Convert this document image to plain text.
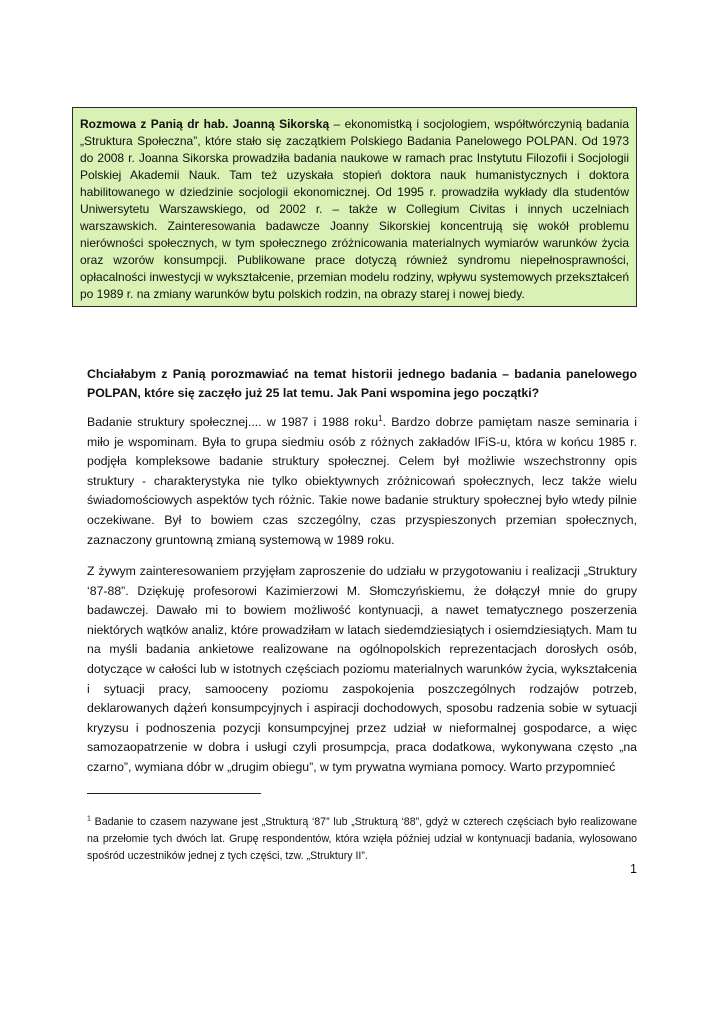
Rozmowa z Panią dr hab. Joanną Sikorską – ekonomistką i socjologiem, współtwórczynią badania „Struktura Społeczna”, które stało się zaczątkiem Polskiego Badania Panelowego POLPAN. Od 1973 do 2008 r. Joanna Sikorska prowadziła badania naukowe w ramach prac Instytutu Filozofii i Socjologii Polskiej Akademii Nauk. Tam też uzyskała stopień doktora nauk humanistycznych i doktora habilitowanego w dziedzinie socjologii ekonomicznej. Od 1995 r. prowadziła wykłady dla studentów Uniwersytetu Warszawskiego, od 2002 r. – także w Collegium Civitas i innych uczelniach warszawskich. Zainteresowania badawcze Joanny Sikorskiej koncentrują się wokół problemu nierówności społecznych, w tym społecznego zróżnicowania materialnych wymiarów warunków życia oraz wzorów konsumpcji. Publikowane prace dotyczą również syndromu niepełnosprawności, opłacalności inwestycji w wykształcenie, przemian modelu rodziny, wpływu systemowych przekształceń po 1989 r. na zmiany warunków bytu polskich rodzin, na obrazy starej i nowej biedy.
Chciałabym z Panią porozmawiać na temat historii jednego badania – badania panelowego POLPAN, które się zaczęło już 25 lat temu. Jak Pani wspomina jego początki?
Badanie struktury społecznej.... w 1987 i 1988 roku$^1$. Bardzo dobrze pamiętam nasze seminaria i miło je wspominam. Była to grupa siedmiu osób z różnych zakładów IFiS-u, która w końcu 1985 r. podjęła kompleksowe badanie struktury społecznej. Celem był możliwie wszechstronny opis struktury - charakterystyka nie tylko obiektywnych zróżnicowań społecznych, lecz także wielu świadomościowych aspektów tych różnic. Takie nowe badanie struktury społecznej było wtedy pilnie oczekiwane. Był to bowiem czas szczególny, czas przyspieszonych przemian społecznych, zaznaczony gruntowną zmianą systemową w 1989 roku.
Z żywym zainteresowaniem przyjęłam zaproszenie do udziału w przygotowaniu i realizacji „Struktury ‘87-88”. Dziękuję profesorowi Kazimierzowi M. Słomczyńskiemu, że dołączył mnie do grupy badawczej. Dawało mi to bowiem możliwość kontynuacji, a nawet tematycznego poszerzenia niektórych wątków analiz, które prowadziłam w latach siedemdziesiątych i osiemdziesiątych. Mam tu na myśli badania ankietowe realizowane na ogólnopolskich reprezentacjach dorosłych osób, dotyczące w całości lub w istotnych częściach poziomu materialnych warunków życia, wykształcenia i sytuacji pracy, samooceny poziomu zaspokojenia poszczególnych rodzajów potrzeb, deklarowanych dążeń konsumpcyjnych i aspiracji dochodowych, sposobu radzenia sobie w sytuacji kryzysu i podnoszenia pozycji konsumpcyjnej przez udział w nieformalnej gospodarce, a więc samozaopatrzenie w dobra i usługi czyli prosumpcja, praca dodatkowa, wykonywana często „na czarno”, wymiana dóbr w „drugim obiegu”, w tym prywatna wymiana pomocy. Warto przypomnieć
$^1$ Badanie to czasem nazywane jest „Strukturą ‘87” lub „Strukturą ‘88”, gdyż w czterech częściach było realizowane na przełomie tych dwóch lat. Grupę respondentów, która wzięła później udział w kontynuacji badania, wylosowano spośród uczestników jednej z tych części, tzw. „Struktury II”.
1
